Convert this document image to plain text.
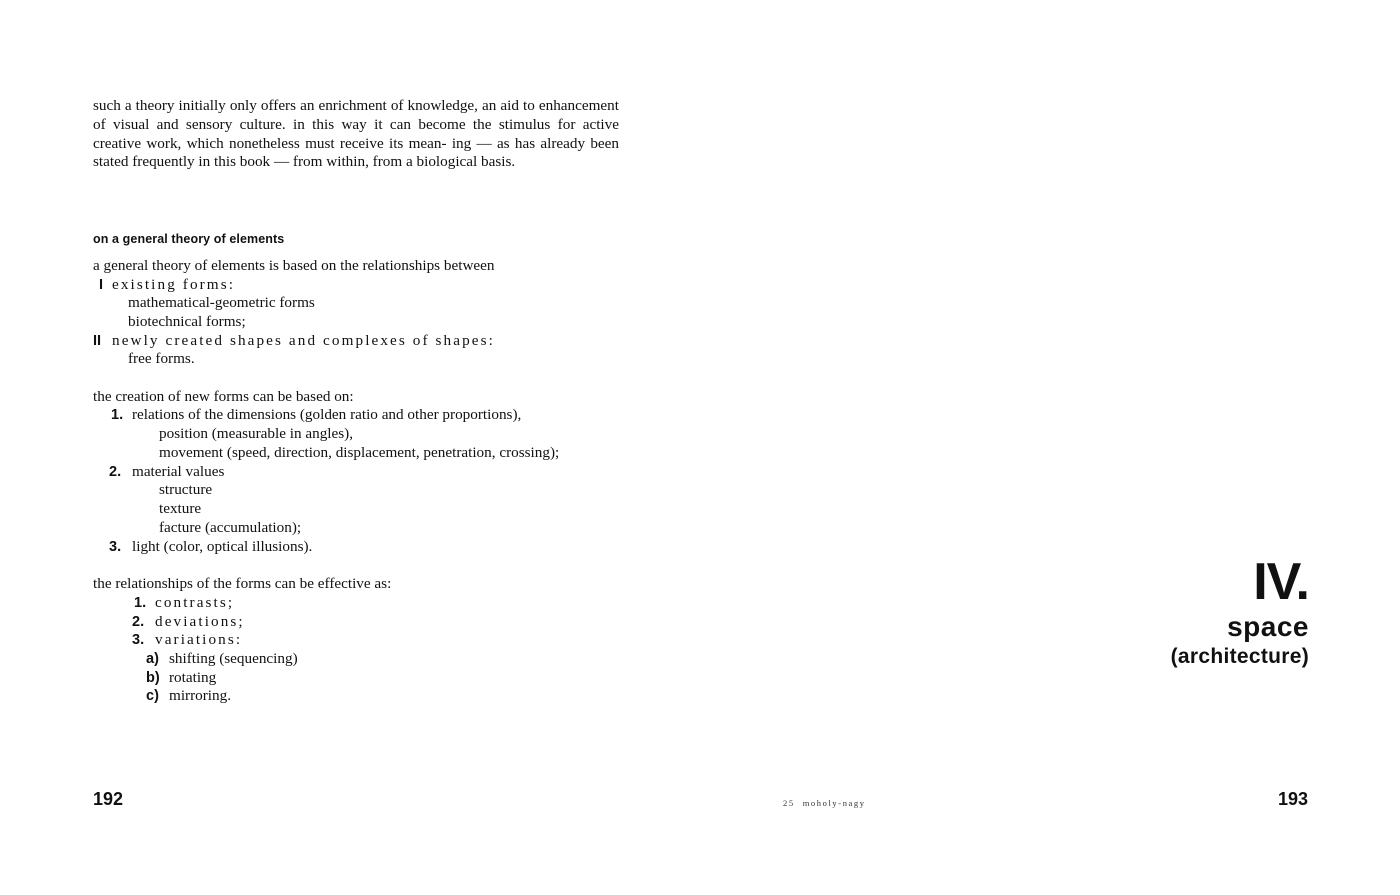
such a theory initially only offers an enrichment of knowledge, an aid to enhancement of visual and sensory culture. in this way it can become the stimulus for active creative work, which nonetheless must receive its mean‐ ing — as has already been stated frequently in this book — from within, from a biological basis.

on a general theory of elements
a general theory of elements is based on the relationships between
I existing forms:
mathematical‐geometric forms
biotechnical forms;
II newly created shapes and complexes of shapes:
free forms.
the creation of new forms can be based on:
1. relations of the dimensions (golden ratio and other proportions),
position (measurable in angles),
movement (speed, direction, displacement, penetration, crossing);
2. material values
structure
texture
facture (accumulation);
3. light (color, optical illusions).
the relationships of the forms can be effective as:
1. contrasts;
2. deviations;
3. variations:
a) shifting (sequencing)
b) rotating
c) mirroring.
192	25 moholy‐nagy
IV.
space
(architecture)
193
